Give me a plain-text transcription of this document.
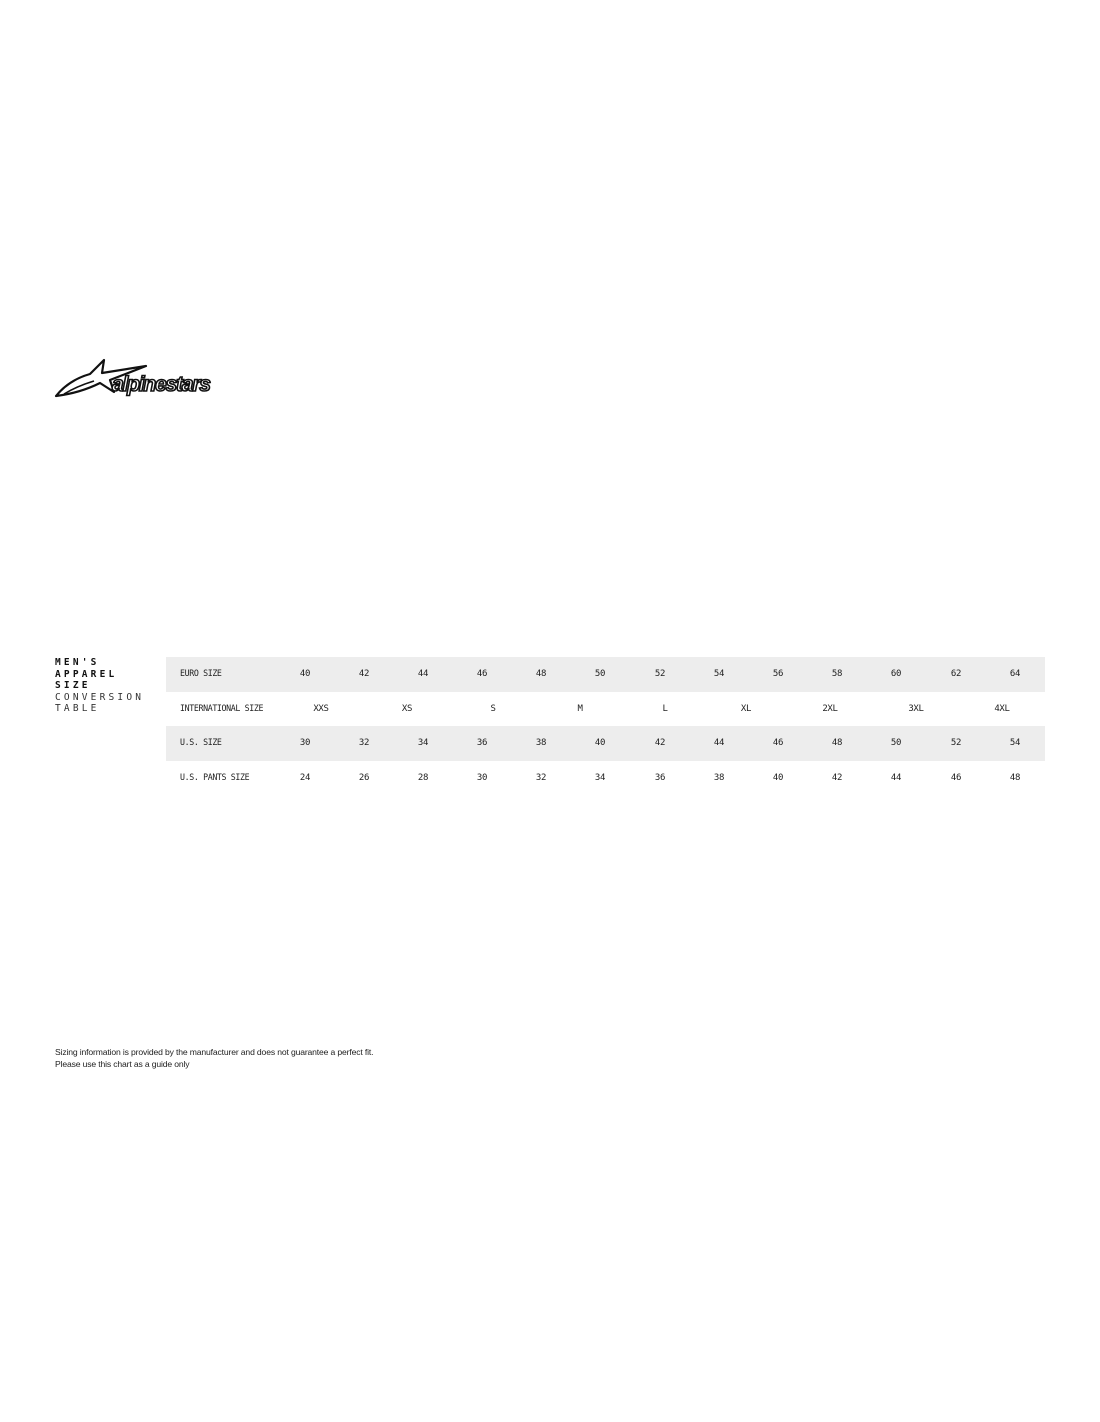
alpinestars
MEN'S
APPAREL
SIZE
CONVERSION
TABLE
EURO SIZE	40	42	44	46	48	50	52	54	56	58	60	62	64
INTERNATIONAL SIZE	XXS	XS	S	M	L	XL	2XL	3XL	4XL
U.S. SIZE	30	32	34	36	38	40	42	44	46	48	50	52	54
U.S. PANTS SIZE	24	26	28	30	32	34	36	38	40	42	44	46	48
Sizing information is provided by the manufacturer and does not guarantee a perfect fit.
Please use this chart as a guide only
